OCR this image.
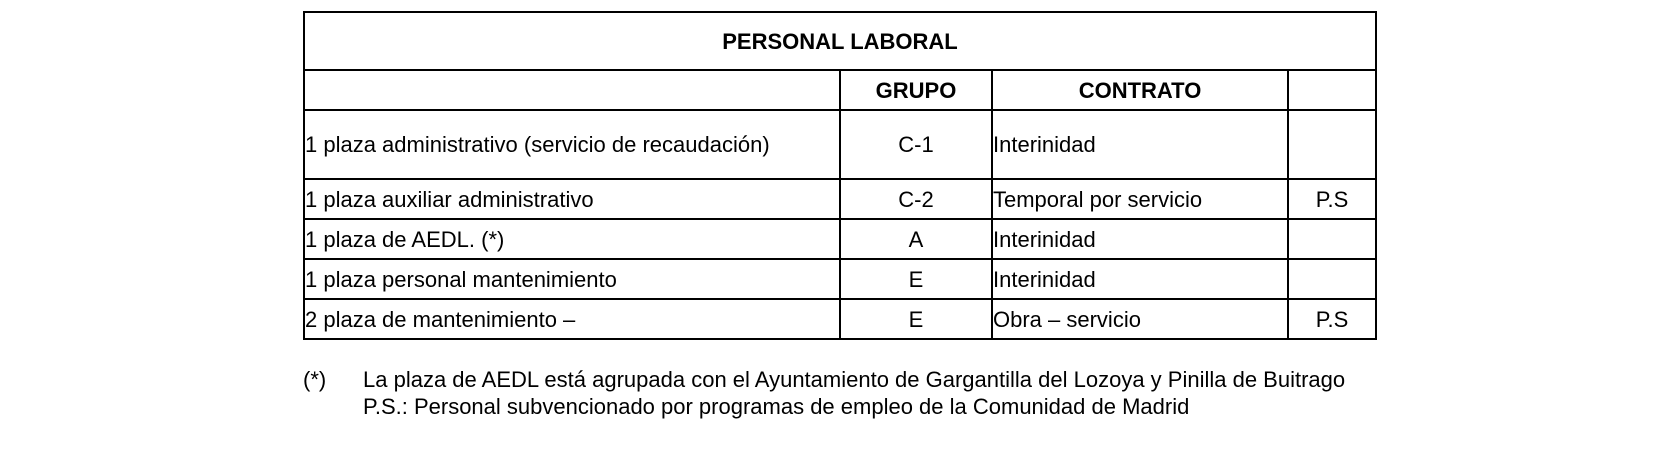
PERSONAL LABORAL			
	GRUPO	CONTRATO	
1 plaza administrativo (servicio de recaudación)	C-1	Interinidad	
1 plaza auxiliar administrativo	C-2	Temporal por servicio	P.S
1 plaza de AEDL. (*)	A	Interinidad	
1 plaza personal mantenimiento	E	Interinidad	
2 plaza de mantenimiento –	E	Obra – servicio	P.S
(*) La plaza de AEDL está agrupada con el Ayuntamiento de Gargantilla del Lozoya y Pinilla de Buitrago
P.S.: Personal subvencionado por programas de empleo de la Comunidad de Madrid
